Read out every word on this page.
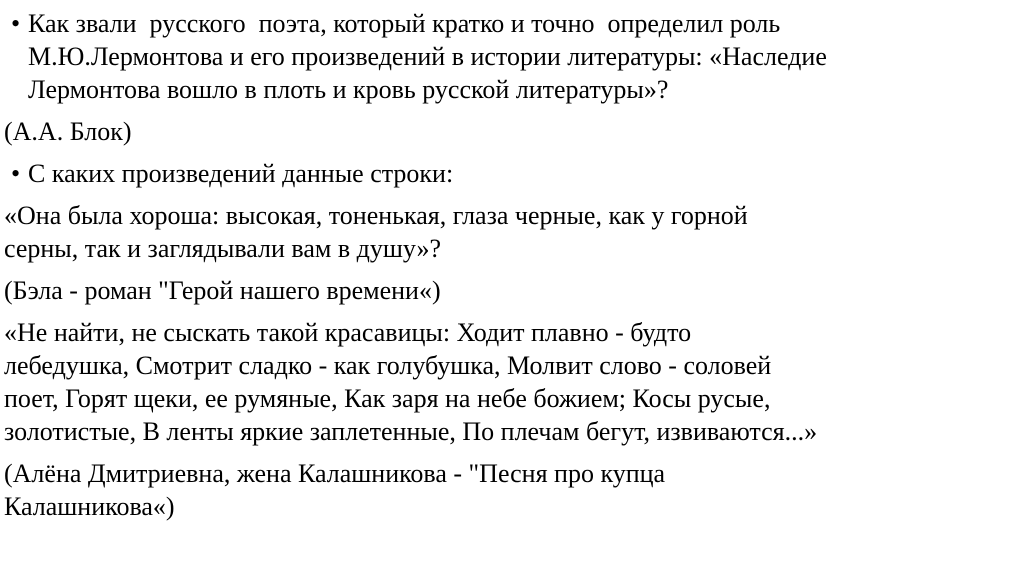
• Как звали  русского  поэта, который кратко и точно  определил роль
М.Ю.Лермонтова и его произведений в истории литературы: «Наследие
Лермонтова вошло в плоть и кровь русской литературы»?
(А.А. Блок)
• С каких произведений данные строки:
«Она была хороша: высокая, тоненькая, глаза черные, как у горной
серны, так и заглядывали вам в душу»?
(Бэла - роман "Герой нашего времени«)
«Не найти, не сыскать такой красавицы: Ходит плавно - будто
лебедушка, Смотрит сладко - как голубушка, Молвит слово - соловей
поет, Горят щеки, ее румяные, Как заря на небе божием; Косы русые,
золотистые, В ленты яркие заплетенные, По плечам бегут, извиваются...»
(Алёна Дмитриевна, жена Калашникова - "Песня про купца
Калашникова«)
